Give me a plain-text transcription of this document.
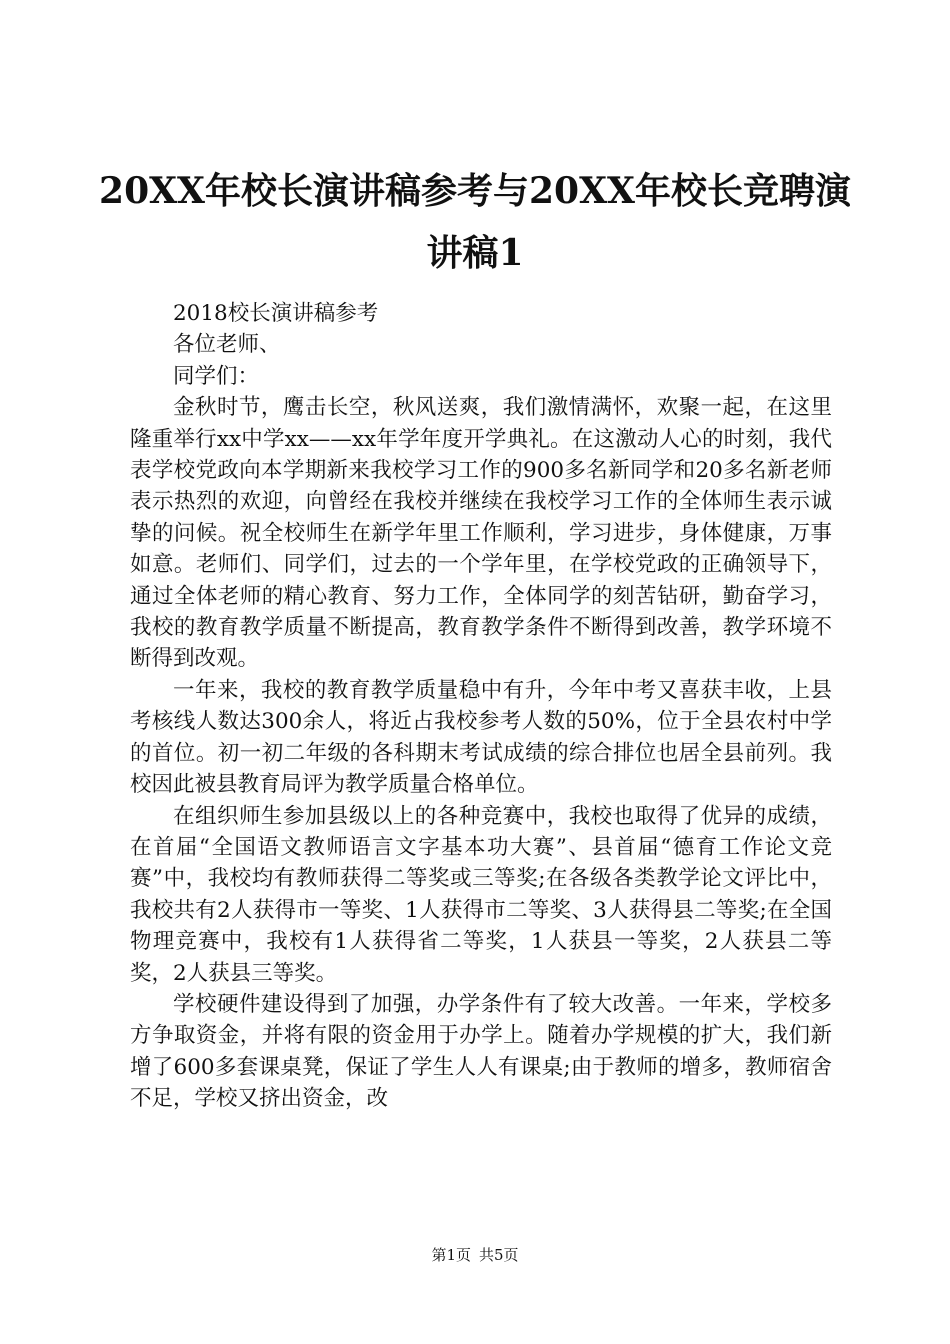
20XX年校长演讲稿参考与20XX年校长竞聘演讲稿1

2018校长演讲稿参考

各位老师、

同学们：

金秋时节，鹰击长空，秋风送爽，我们激情满怀，欢聚一起，在这里隆重举行xx中学xx——xx年学年度开学典礼。在这激动人心的时刻，我代表学校党政向本学期新来我校学习工作的900多名新同学和20多名新老师表示热烈的欢迎，向曾经在我校并继续在我校学习工作的全体师生表示诚挚的问候。祝全校师生在新学年里工作顺利，学习进步，身体健康，万事如意。老师们、同学们，过去的一个学年里，在学校党政的正确领导下，通过全体老师的精心教育、努力工作，全体同学的刻苦钻研，勤奋学习，我校的教育教学质量不断提高，教育教学条件不断得到改善，教学环境不断得到改观。

一年来，我校的教育教学质量稳中有升，今年中考又喜获丰收，上县考核线人数达300余人，将近占我校参考人数的50%，位于全县农村中学的首位。初一初二年级的各科期末考试成绩的综合排位也居全县前列。我校因此被县教育局评为教学质量合格单位。

在组织师生参加县级以上的各种竞赛中，我校也取得了优异的成绩，在首届“全国语文教师语言文字基本功大赛”、县首届“德育工作论文竞赛”中，我校均有教师获得二等奖或三等奖;在各级各类教学论文评比中，我校共有2人获得市一等奖、1人获得市二等奖、3人获得县二等奖;在全国物理竞赛中，我校有1人获得省二等奖，1人获县一等奖，2人获县二等奖，2人获县三等奖。

学校硬件建设得到了加强，办学条件有了较大改善。一年来，学校多方争取资金，并将有限的资金用于办学上。随着办学规模的扩大，我们新增了600多套课桌凳，保证了学生人人有课桌;由于教师的增多，教师宿舍不足，学校又挤出资金，改

第1页 共5页
